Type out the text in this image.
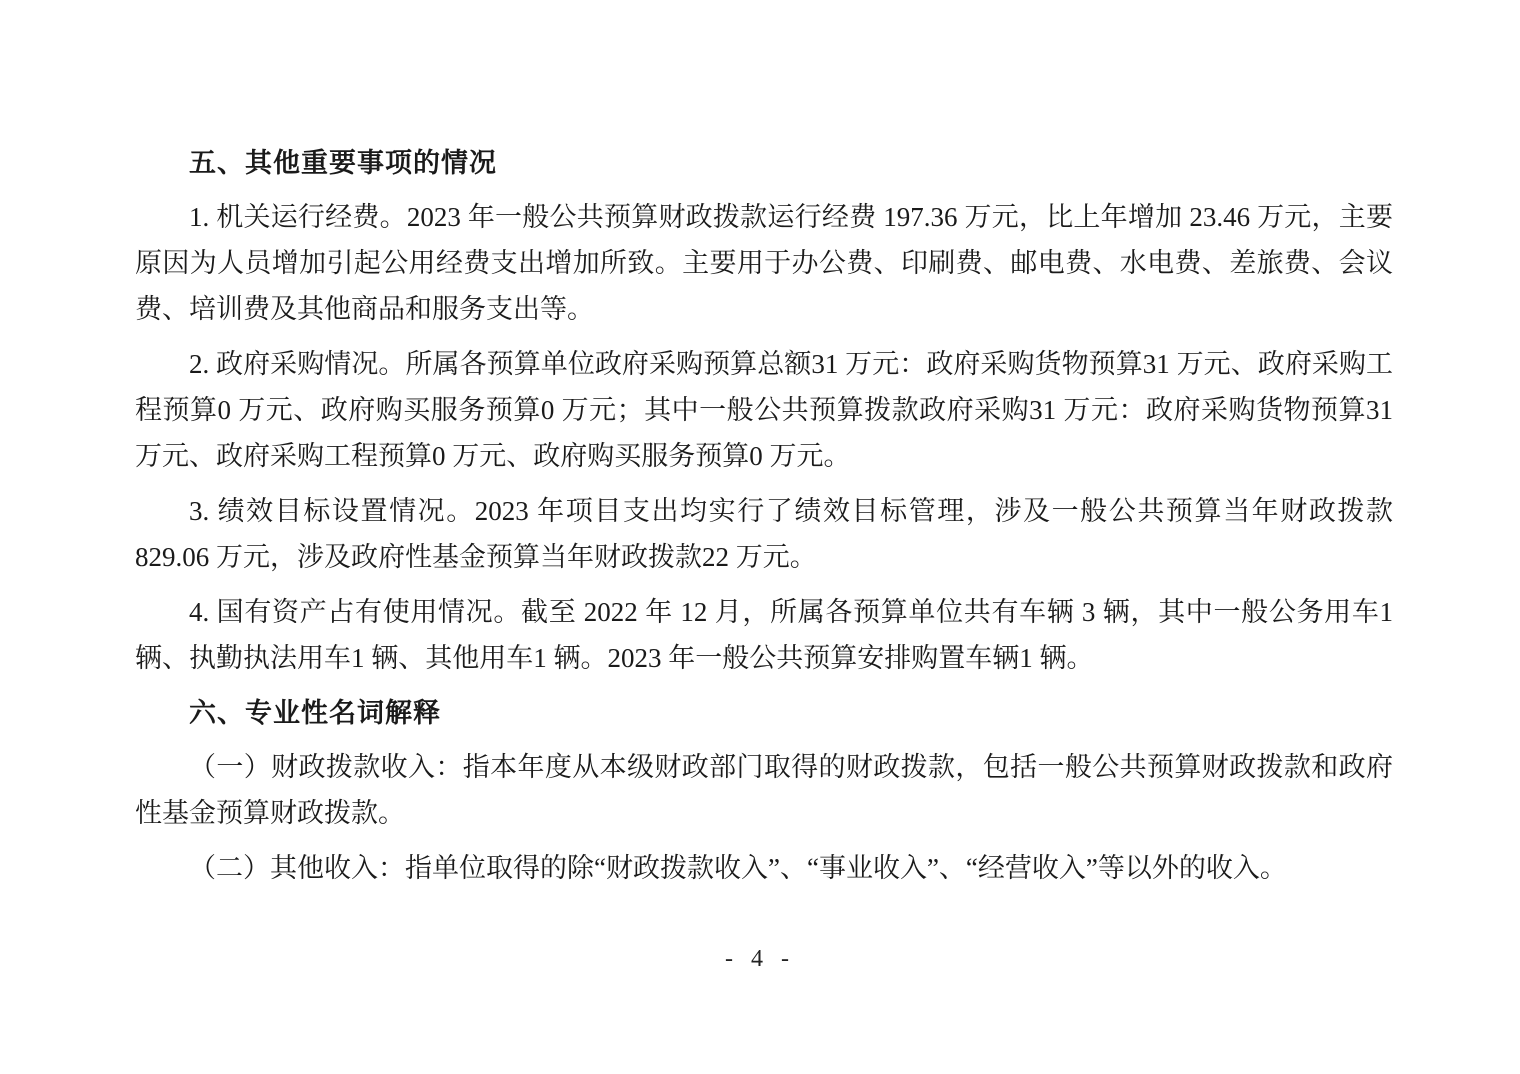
五、其他重要事项的情况

1. 机关运行经费。2023 年一般公共预算财政拨款运行经费 197.36 万元，比上年增加 23.46 万元，主要原因为人员增加引起公用经费支出增加所致。主要用于办公费、印刷费、邮电费、水电费、差旅费、会议费、培训费及其他商品和服务支出等。

2. 政府采购情况。所属各预算单位政府采购预算总额31 万元：政府采购货物预算31 万元、政府采购工程预算0 万元、政府购买服务预算0 万元；其中一般公共预算拨款政府采购31 万元：政府采购货物预算31 万元、政府采购工程预算0 万元、政府购买服务预算0 万元。

3. 绩效目标设置情况。2023 年项目支出均实行了绩效目标管理，涉及一般公共预算当年财政拨款 829.06 万元，涉及政府性基金预算当年财政拨款22 万元。

4. 国有资产占有使用情况。截至 2022 年 12 月，所属各预算单位共有车辆 3 辆，其中一般公务用车1 辆、执勤执法用车1 辆、其他用车1 辆。2023 年一般公共预算安排购置车辆1 辆。

六、专业性名词解释

（一）财政拨款收入：指本年度从本级财政部门取得的财政拨款，包括一般公共预算财政拨款和政府性基金预算财政拨款。

（二）其他收入：指单位取得的除“财政拨款收入”、“事业收入”、“经营收入”等以外的收入。

- 4 -
